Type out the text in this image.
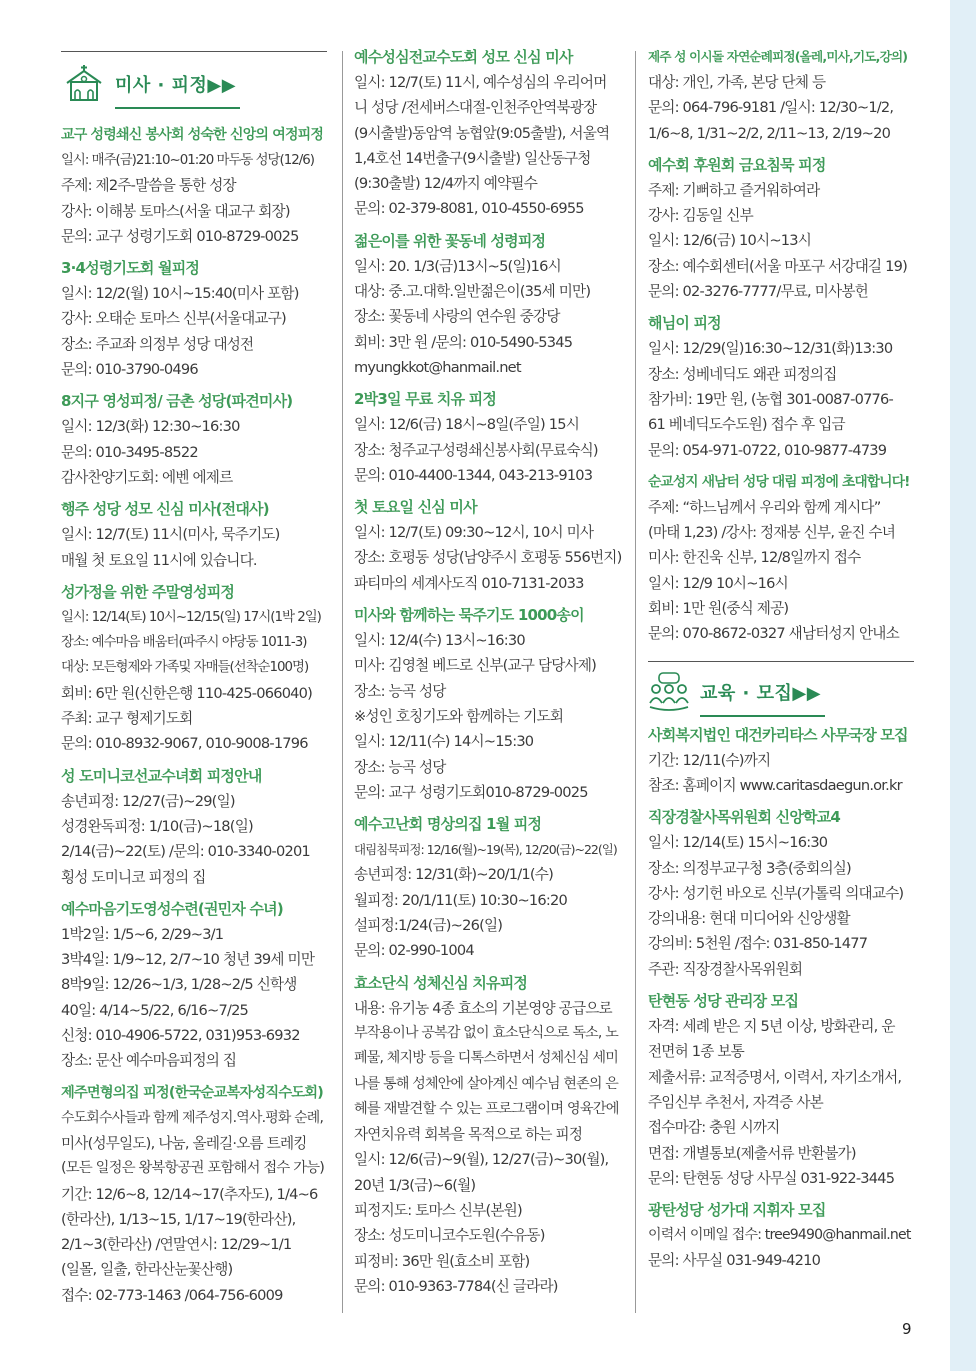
미사 · 피정▶▶

교구 성령쇄신 봉사회 성숙한 신앙의 여정피정

일시: 매주(금)21:10~01:20 마두동 성당(12/6)

주제: 제2주-말씀을 통한 성장

강사: 이해봉 토마스(서울 대교구 회장)

문의: 교구 성령기도회 010-8729-0025

3·4성령기도회 월피정

일시: 12/2(월) 10시~15:40(미사 포함)

강사: 오태순 토마스 신부(서울대교구)

장소: 주교좌 의정부 성당 대성전

문의: 010-3790-0496

8지구 영성피정/ 금촌 성당(파견미사)

일시: 12/3(화) 12:30~16:30

문의: 010-3495-8522

감사찬양기도회: 에벤 에제르

행주 성당 성모 신심 미사(전대사)

일시: 12/7(토) 11시(미사, 묵주기도)

매월 첫 토요일 11시에 있습니다.

성가정을 위한 주말영성피정

일시: 12/14(토) 10시~12/15(일) 17시(1박 2일)

장소: 예수마음 배움터(파주시 야당동 1011-3)

대상: 모든형제와 가족및 자매들(선착순100명)

회비: 6만 원(신한은행 110-425-066040)

주최: 교구 형제기도회

문의: 010-8932-9067, 010-9008-1796

성 도미니코선교수녀회 피정안내

송년피정: 12/27(금)~29(일)

성경완독피정: 1/10(금)~18(일)

2/14(금)~22(토) /문의: 010-3340-0201

횡성 도미니코 피정의 집

예수마음기도영성수련(권민자 수녀)

1박2일: 1/5~6, 2/29~3/1

3박4일: 1/9~12, 2/7~10 청년 39세 미만

8박9일: 12/26~1/3, 1/28~2/5 신학생

40일: 4/14~5/22, 6/16~7/25

신청: 010-4906-5722, 031)953-6932

장소: 문산 예수마음피정의 집

제주면형의집 피정(한국순교복자성직수도회)

수도회수사들과 함께 제주성지.역사.평화 순례,

미사(성무일도), 나눔, 올레길·오름 트레킹

(모든 일정은 왕복항공권 포함해서 접수 가능)

기간: 12/6~8, 12/14~17(추자도), 1/4~6

(한라산), 1/13~15, 1/17~19(한라산),

2/1~3(한라산) /연말연시: 12/29~1/1

(일몰, 일출, 한라산눈꽃산행)

접수: 02-773-1463 /064-756-6009

예수성심전교수도회 성모 신심 미사

일시: 12/7(토) 11시, 예수성심의 우리어머

니 성당 /전세버스대절-인천주안역북광장

(9시출발)동암역 농협앞(9:05출발), 서울역

1,4호선 14번출구(9시출발) 일산동구청

(9:30출발) 12/4까지 예약필수

문의: 02-379-8081, 010-4550-6955

젊은이를 위한 꽃동네 성령피정

일시: 20. 1/3(금)13시~5(일)16시

대상: 중.고.대학.일반젊은이(35세 미만)

장소: 꽃동네 사랑의 연수원 중강당

회비: 3만 원 /문의: 010-5490-5345

myungkkot@hanmail.net

2박3일 무료 치유 피정

일시: 12/6(금) 18시~8일(주일) 15시

장소: 청주교구성령쇄신봉사회(무료숙식)

문의: 010-4400-1344, 043-213-9103

첫 토요일 신심 미사

일시: 12/7(토) 09:30~12시, 10시 미사

장소: 호평동 성당(남양주시 호평동 556번지)

파티마의 세계사도직 010-7131-2033

미사와 함께하는 묵주기도 1000송이

일시: 12/4(수) 13시~16:30

미사: 김영철 베드로 신부(교구 담당사제)

장소: 능곡 성당

※성인 호칭기도와 함께하는 기도회

일시: 12/11(수) 14시~15:30

장소: 능곡 성당

문의: 교구 성령기도회010-8729-0025

예수고난회 명상의집 1월 피정

대림침묵피정: 12/16(월)~19(목), 12/20(금)~22(일)

송년피정: 12/31(화)~20/1/1(수)

월피정: 20/1/11(토) 10:30~16:20

설피정:1/24(금)~26(일)

문의: 02-990-1004

효소단식 성체신심 치유피정

내용: 유기농 4종 효소의 기본영양 공급으로

부작용이나 공복감 없이 효소단식으로 독소, 노

폐물, 체지방 등을 디톡스하면서 성체신심 세미

나를 통해 성체안에 살아계신 예수님 현존의 은

혜를 재발견할 수 있는 프로그램이며 영육간에

자연치유력 회복을 목적으로 하는 피정

일시: 12/6(금)~9(월), 12/27(금)~30(월),

20년 1/3(금)~6(월)

피정지도: 토마스 신부(본원)

장소: 성도미니코수도원(수유동)

피정비: 36만 원(효소비 포함)

문의: 010-9363-7784(신 글라라)

제주 성 이시돌 자연순례피정(올레,미사,기도,강의)

대상: 개인, 가족, 본당 단체 등

문의: 064-796-9181 /일시: 12/30~1/2,

1/6~8, 1/31~2/2, 2/11~13, 2/19~20

예수회 후원회 금요침묵 피정

주제: 기뻐하고 즐거워하여라

강사: 김동일 신부

일시: 12/6(금) 10시~13시

장소: 예수회센터(서울 마포구 서강대길 19)

문의: 02-3276-7777/무료, 미사봉헌

해님이 피정

일시: 12/29(일)16:30~12/31(화)13:30

장소: 성베네딕도 왜관 피정의집

참가비: 19만 원, (농협 301-0087-0776-

61 베네딕도수도원) 접수 후 입금

문의: 054-971-0722, 010-9877-4739

순교성지 새남터 성당 대림 피정에 초대합니다!

주제: “하느님께서 우리와 함께 계시다”

(마태 1,23) /강사: 정재붕 신부, 윤진 수녀

미사: 한진욱 신부, 12/8일까지 접수

일시: 12/9 10시~16시

회비: 1만 원(중식 제공)

문의: 070-8672-0327 새남터성지 안내소

교육 · 모집▶▶

사회복지법인 대건카리타스 사무국장 모집

기간: 12/11(수)까지

참조: 홈페이지 www.caritasdaegun.or.kr

직장경찰사목위원회 신앙학교4

일시: 12/14(토) 15시~16:30

장소: 의정부교구청 3층(중회의실)

강사: 성기헌 바오로 신부(가톨릭 의대교수)

강의내용: 현대 미디어와 신앙생활

강의비: 5천원 /접수: 031-850-1477

주관: 직장경찰사목위원회

탄현동 성당 관리장 모집

자격: 세례 받은 지 5년 이상, 방화관리, 운

전면허 1종 보통

제출서류: 교적증명서, 이력서, 자기소개서,

주임신부 추천서, 자격증 사본

접수마감: 충원 시까지

면접: 개별통보(제출서류 반환불가)

문의: 탄현동 성당 사무실 031-922-3445

광탄성당 성가대 지휘자 모집

이력서 이메일 접수: tree9490@hanmail.net

문의: 사무실 031-949-4210

9
